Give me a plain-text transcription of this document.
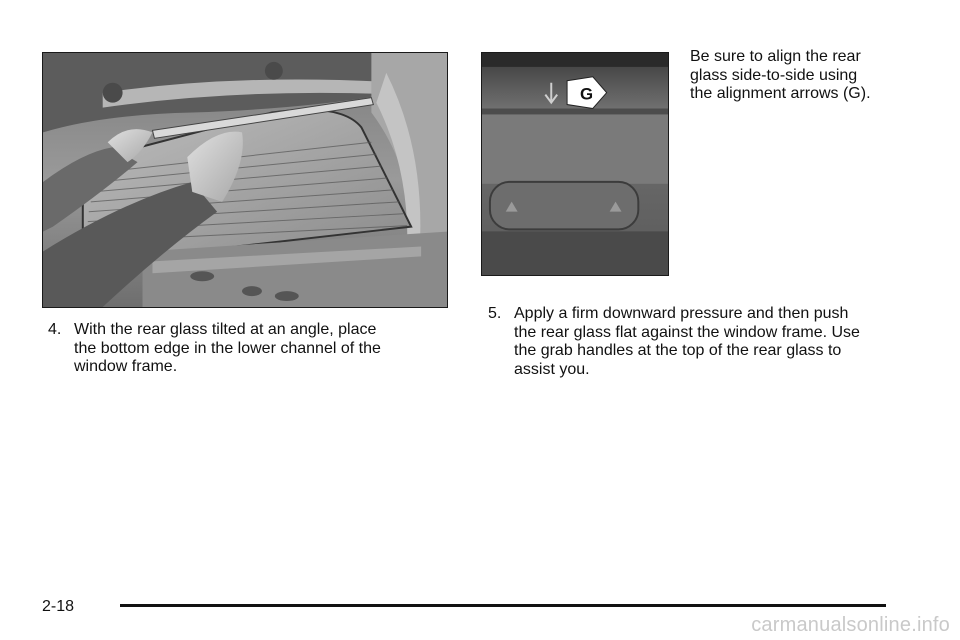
G
Be sure to align the rear
glass side-to-side using
the alignment arrows (G).
4. With the rear glass tilted at an angle, place
the bottom edge in the lower channel of the
window frame.
5. Apply a firm downward pressure and then push
the rear glass flat against the window frame. Use
the grab handles at the top of the rear glass to
assist you.
2-18
carmanualsonline.info
